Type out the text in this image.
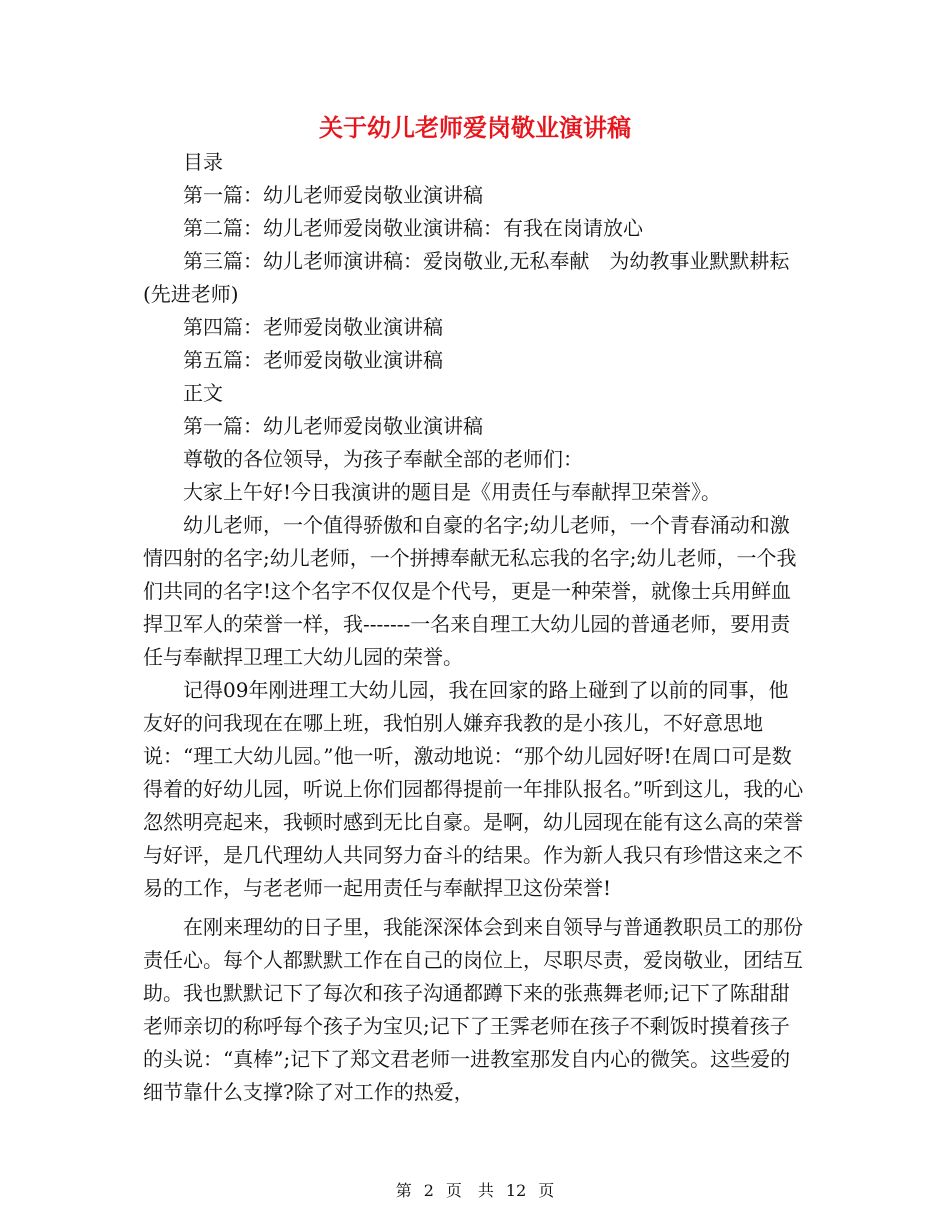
关于幼儿老师爱岗敬业演讲稿

目录

第一篇：幼儿老师爱岗敬业演讲稿

第二篇：幼儿老师爱岗敬业演讲稿：有我在岗请放心

第三篇：幼儿老师演讲稿：爱岗敬业,无私奉献　为幼教事业默默耕耘(先进老师)

第四篇：老师爱岗敬业演讲稿

第五篇：老师爱岗敬业演讲稿

正文

第一篇：幼儿老师爱岗敬业演讲稿

尊敬的各位领导，为孩子奉献全部的老师们：

大家上午好!今日我演讲的题目是《用责任与奉献捍卫荣誉》。

幼儿老师，一个值得骄傲和自豪的名字;幼儿老师，一个青春涌动和激情四射的名字;幼儿老师，一个拼搏奉献无私忘我的名字;幼儿老师，一个我们共同的名字!这个名字不仅仅是个代号，更是一种荣誉，就像士兵用鲜血捍卫军人的荣誉一样，我-------一名来自理工大幼儿园的普通老师，要用责任与奉献捍卫理工大幼儿园的荣誉。

记得09年刚进理工大幼儿园，我在回家的路上碰到了以前的同事，他友好的问我现在在哪上班，我怕别人嫌弃我教的是小孩儿，不好意思地说：“理工大幼儿园。”他一听，激动地说：“那个幼儿园好呀!在周口可是数得着的好幼儿园，听说上你们园都得提前一年排队报名。”听到这儿，我的心忽然明亮起来，我顿时感到无比自豪。是啊，幼儿园现在能有这么高的荣誉与好评，是几代理幼人共同努力奋斗的结果。作为新人我只有珍惜这来之不易的工作，与老老师一起用责任与奉献捍卫这份荣誉!

在刚来理幼的日子里，我能深深体会到来自领导与普通教职员工的那份责任心。每个人都默默工作在自己的岗位上，尽职尽责，爱岗敬业，团结互助。我也默默记下了每次和孩子沟通都蹲下来的张燕舞老师;记下了陈甜甜老师亲切的称呼每个孩子为宝贝;记下了王霁老师在孩子不剩饭时摸着孩子的头说：“真棒”;记下了郑文君老师一进教室那发自内心的微笑。这些爱的细节靠什么支撑?除了对工作的热爱，

第 2 页　共 12 页
